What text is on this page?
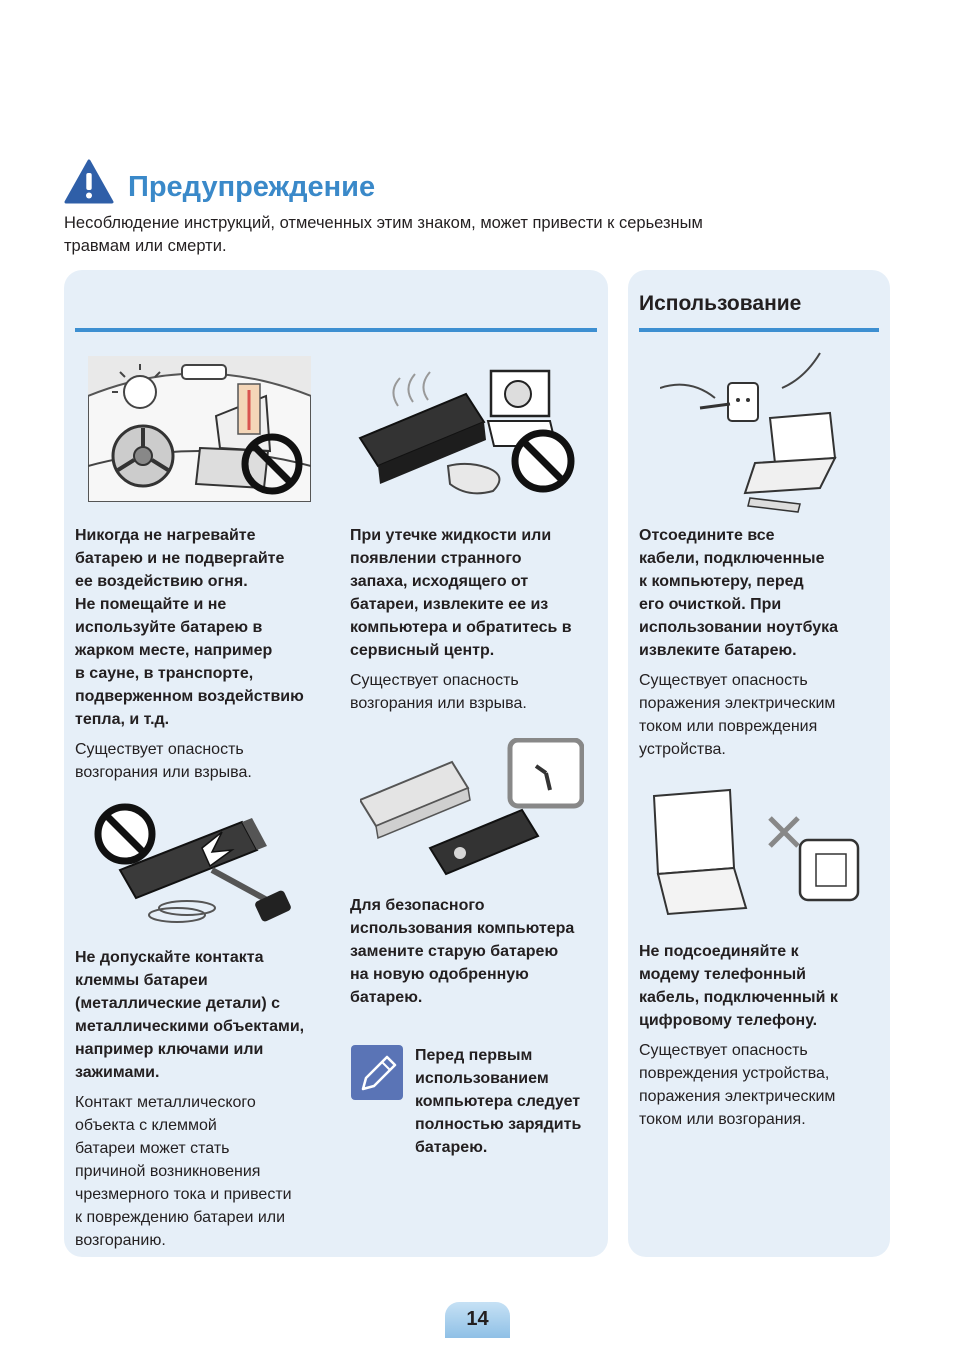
Предупреждение
Несоблюдение инструкций, отмеченных этим знаком, может привести к серьезным
травмам или смерти.
Использование
Никогда не нагревайте
батарею и не подвергайте
ее воздействию огня.
Не помещайте и не
используйте батарею в
жарком месте, например
в сауне, в транспорте,
подверженном воздействию
тепла, и т.д.
Существует опасность
возгорания или взрыва.
Не допускайте контакта
клеммы батареи
(металлические детали) с
металлическими объектами,
например ключами или
зажимами.
Контакт металлического
объекта с клеммой
батареи может стать
причиной возникновения
чрезмерного тока и привести
к повреждению батареи или
возгоранию.
При утечке жидкости или
появлении странного
запаха, исходящего от
батареи, извлеките ее из
компьютера и обратитесь в
сервисный центр.
Существует опасность
возгорания или взрыва.
Для безопасного
использования компьютера
замените старую батарею
на новую одобренную
батарею.
Перед первым
использованием
компьютера следует
полностью зарядить
батарею.
Отсоедините все
кабели, подключенные
к компьютеру, перед
его очисткой. При
использовании ноутбука
извлеките батарею.
Существует опасность
поражения электрическим
током или повреждения
устройства.
Не подсоединяйте к
модему телефонный
кабель, подключенный к
цифровому телефону.
Существует опасность
повреждения устройства,
поражения электрическим
током или возгорания.
14
